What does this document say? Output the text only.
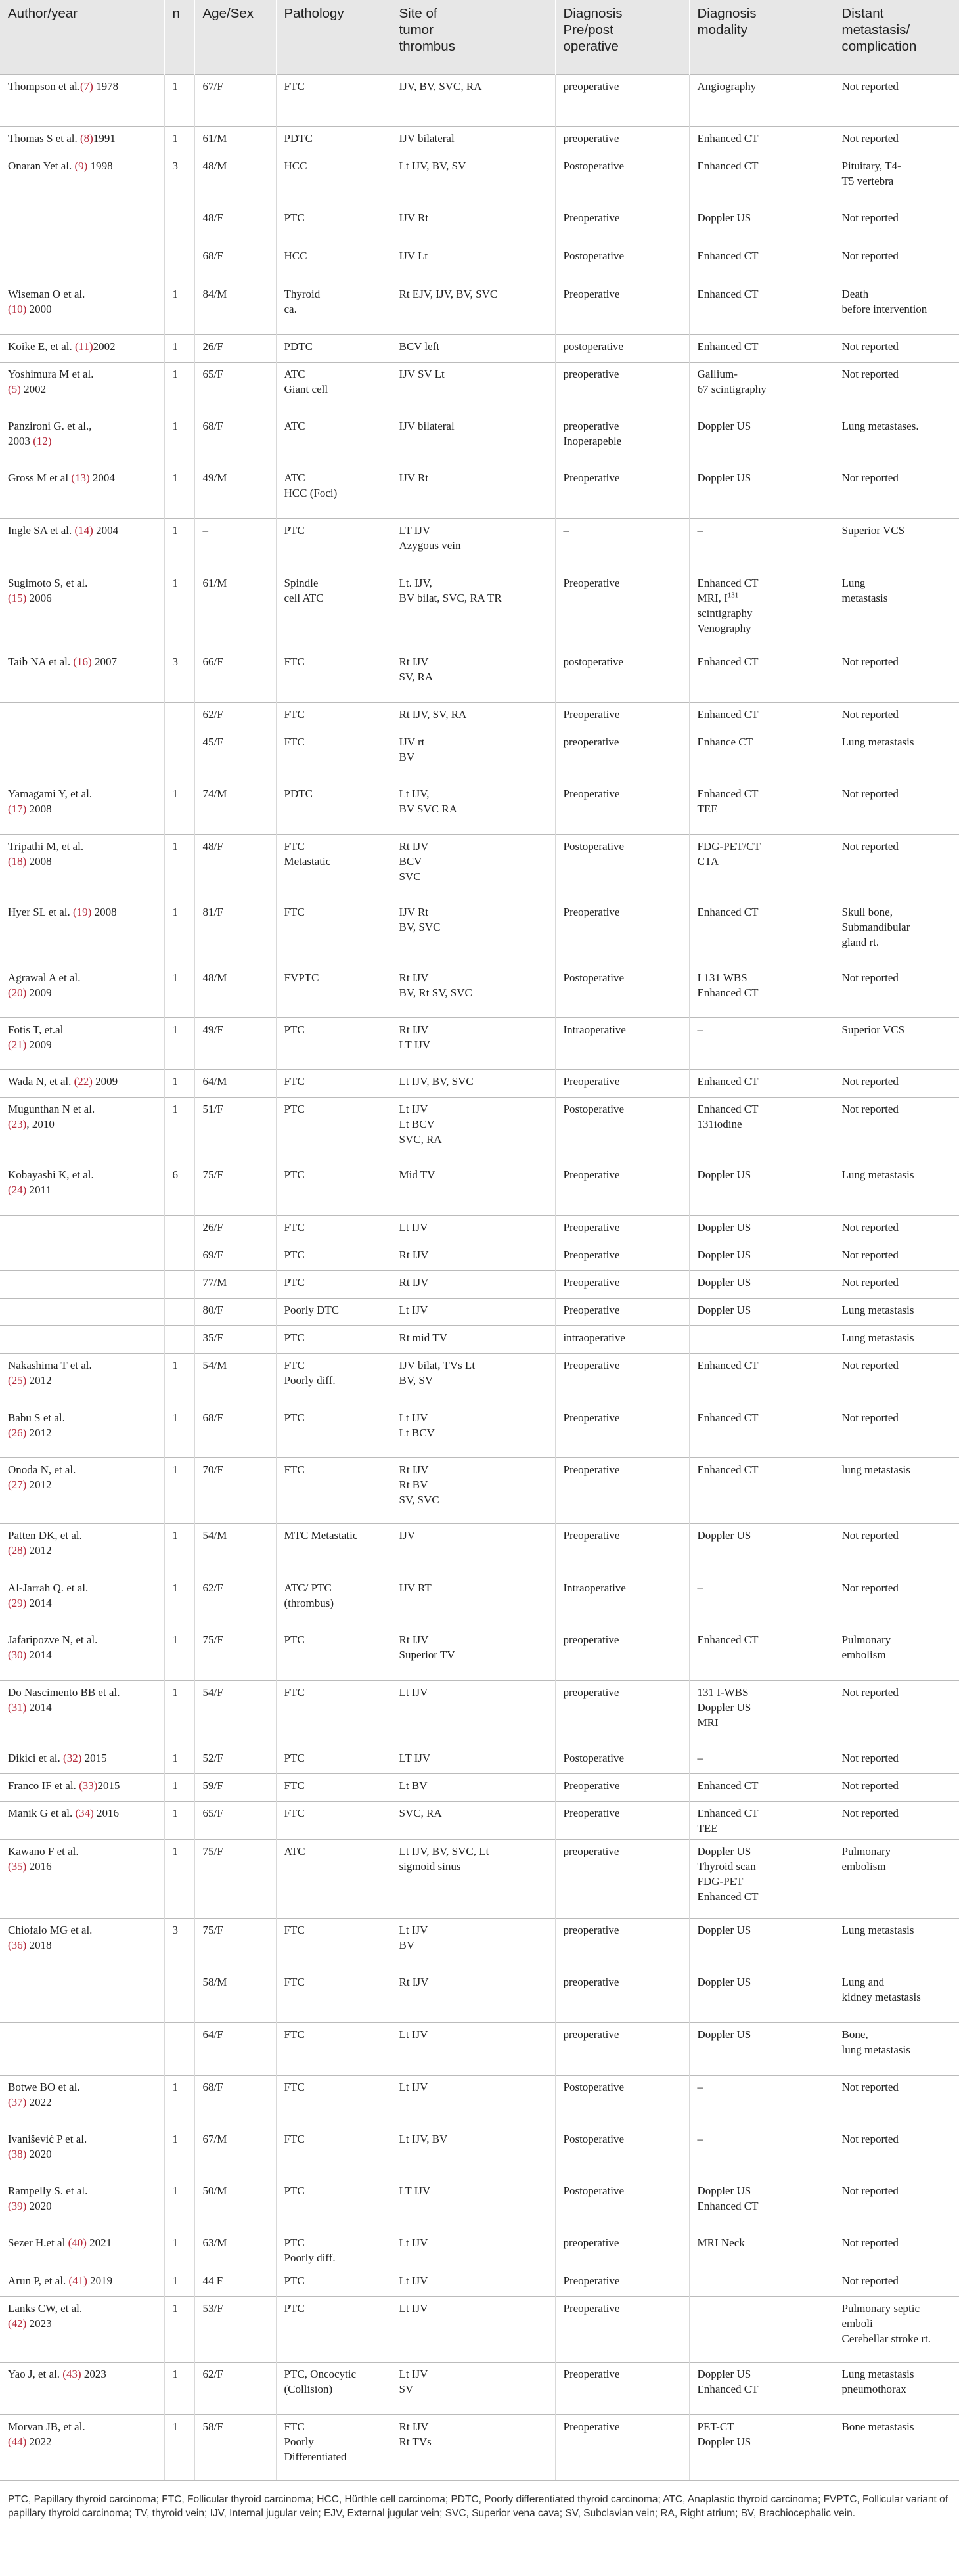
Author/year	n	Age/Sex	Pathology	Site of
tumor
thrombus	Diagnosis
Pre/post
operative	Diagnosis
modality	Distant
metastasis/
complication
Thompson et al.(7) 1978	1	67/F	FTC	IJV, BV, SVC, RA	preoperative	Angiography	Not reported
Thomas S et al. (8)1991	1	61/M	PDTC	IJV bilateral	preoperative	Enhanced CT	Not reported
Onaran Yet al. (9) 1998	3	48/M	HCC	Lt IJV, BV, SV	Postoperative	Enhanced CT	Pituitary, T4-
T5 vertebra
		48/F	PTC	IJV Rt	Preoperative	Doppler US	Not reported
		68/F	HCC	IJV Lt	Postoperative	Enhanced CT	Not reported
Wiseman O et al.
(10) 2000	1	84/M	Thyroid
ca.	Rt EJV, IJV, BV, SVC	Preoperative	Enhanced CT	Death
before intervention
Koike E, et al. (11)2002	1	26/F	PDTC	BCV left	postoperative	Enhanced CT	Not reported
Yoshimura M et al.
(5) 2002	1	65/F	ATC
Giant cell	IJV SV Lt	preoperative	Gallium-
67 scintigraphy	Not reported
Panzironi G. et al.,
2003 (12)	1	68/F	ATC	IJV bilateral	preoperative
Inoperapeble	Doppler US	Lung metastases.
Gross M et al (13) 2004	1	49/M	ATC
HCC (Foci)	IJV Rt	Preoperative	Doppler US	Not reported
Ingle SA et al. (14) 2004	1	–	PTC	LT IJV
Azygous vein	–	–	Superior VCS
Sugimoto S, et al.
(15) 2006	1	61/M	Spindle
cell ATC	Lt. IJV,
BV bilat, SVC, RA TR	Preoperative	Enhanced CT
MRI, $I^{131}$
scintigraphy
Venography	Lung
metastasis
Taib NA et al. (16) 2007	3	66/F	FTC	Rt IJV
SV, RA	postoperative	Enhanced CT	Not reported
		62/F	FTC	Rt IJV, SV, RA	Preoperative	Enhanced CT	Not reported
		45/F	FTC	IJV rt
BV	preoperative	Enhance CT	Lung metastasis
Yamagami Y, et al.
(17) 2008	1	74/M	PDTC	Lt IJV,
BV SVC RA	Preoperative	Enhanced CT
TEE	Not reported
Tripathi M, et al.
(18) 2008	1	48/F	FTC
Metastatic	Rt IJV
BCV
SVC	Postoperative	FDG-PET/CT
CTA	Not reported
Hyer SL et al. (19) 2008	1	81/F	FTC	IJV Rt
BV, SVC	Preoperative	Enhanced CT	Skull bone,
Submandibular
gland rt.
Agrawal A et al.
(20) 2009	1	48/M	FVPTC	Rt IJV
BV, Rt SV, SVC	Postoperative	I 131 WBS
Enhanced CT	Not reported
Fotis T, et.al
(21) 2009	1	49/F	PTC	Rt IJV
LT IJV	Intraoperative	–	Superior VCS
Wada N, et al. (22) 2009	1	64/M	FTC	Lt IJV, BV, SVC	Preoperative	Enhanced CT	Not reported
Mugunthan N et al.
(23), 2010	1	51/F	PTC	Lt IJV
Lt BCV
SVC, RA	Postoperative	Enhanced CT
131iodine	Not reported
Kobayashi K, et al.
(24) 2011	6	75/F	PTC	Mid TV	Preoperative	Doppler US	Lung metastasis
		26/F	FTC	Lt IJV	Preoperative	Doppler US	Not reported
		69/F	PTC	Rt IJV	Preoperative	Doppler US	Not reported
		77/M	PTC	Rt IJV	Preoperative	Doppler US	Not reported
		80/F	Poorly DTC	Lt IJV	Preoperative	Doppler US	Lung metastasis
		35/F	PTC	Rt mid TV	intraoperative		Lung metastasis
Nakashima T et al.
(25) 2012	1	54/M	FTC
Poorly diff.	IJV bilat, TVs Lt
BV, SV	Preoperative	Enhanced CT	Not reported
Babu S et al.
(26) 2012	1	68/F	PTC	Lt IJV
Lt BCV	Preoperative	Enhanced CT	Not reported
Onoda N, et al.
(27) 2012	1	70/F	FTC	Rt IJV
Rt BV
SV, SVC	Preoperative	Enhanced CT	lung metastasis
Patten DK, et al.
(28) 2012	1	54/M	MTC Metastatic	IJV	Preoperative	Doppler US	Not reported
Al-Jarrah Q. et al.
(29) 2014	1	62/F	ATC/ PTC
(thrombus)	IJV RT	Intraoperative	–	Not reported
Jafaripozve N, et al.
(30) 2014	1	75/F	PTC	Rt IJV
Superior TV	preoperative	Enhanced CT	Pulmonary
embolism
Do Nascimento BB et al.
(31) 2014	1	54/F	FTC	Lt IJV	preoperative	131 I-WBS
Doppler US
MRI	Not reported
Dikici et al. (32) 2015	1	52/F	PTC	LT IJV	Postoperative	–	Not reported
Franco IF et al. (33)2015	1	59/F	FTC	Lt BV	Preoperative	Enhanced CT	Not reported
Manik G et al. (34) 2016	1	65/F	FTC	SVC, RA	Preoperative	Enhanced CT
TEE	Not reported
Kawano F et al.
(35) 2016	1	75/F	ATC	Lt IJV, BV, SVC, Lt
sigmoid sinus	preoperative	Doppler US
Thyroid scan
FDG-PET
Enhanced CT	Pulmonary
embolism
Chiofalo MG et al.
(36) 2018	3	75/F	FTC	Lt IJV
BV	preoperative	Doppler US	Lung metastasis
		58/M	FTC	Rt IJV	preoperative	Doppler US	Lung and
kidney metastasis
		64/F	FTC	Lt IJV	preoperative	Doppler US	Bone,
lung metastasis
Botwe BO et al.
(37) 2022	1	68/F	FTC	Lt IJV	Postoperative	–	Not reported
Ivanišević P et al.
(38) 2020	1	67/M	FTC	Lt IJV, BV	Postoperative	–	Not reported
Rampelly S. et al.
(39) 2020	1	50/M	PTC	LT IJV	Postoperative	Doppler US
Enhanced CT	Not reported
Sezer H.et al (40) 2021	1	63/M	PTC
Poorly diff.	Lt IJV	preoperative	MRI Neck	Not reported
Arun P, et al. (41) 2019	1	44 F	PTC	Lt IJV	Preoperative		Not reported
Lanks CW, et al.
(42) 2023	1	53/F	PTC	Lt IJV	Preoperative		Pulmonary septic
emboli
Cerebellar stroke rt.
Yao J, et al. (43) 2023	1	62/F	PTC, Oncocytic
(Collision)	Lt IJV
SV	Preoperative	Doppler US
Enhanced CT	Lung metastasis
pneumothorax
Morvan JB, et al.
(44) 2022	1	58/F	FTC
Poorly
Differentiated	Rt IJV
Rt TVs	Preoperative	PET-CT
Doppler US	Bone metastasis
PTC, Papillary thyroid carcinoma; FTC, Follicular thyroid carcinoma; HCC, Hürthle cell carcinoma; PDTC, Poorly differentiated thyroid carcinoma; ATC, Anaplastic thyroid carcinoma; FVPTC, Follicular variant of papillary thyroid carcinoma; TV, thyroid vein; IJV, Internal jugular vein; EJV, External jugular vein; SVC, Superior vena cava; SV, Subclavian vein; RA, Right atrium; BV, Brachiocephalic vein.
